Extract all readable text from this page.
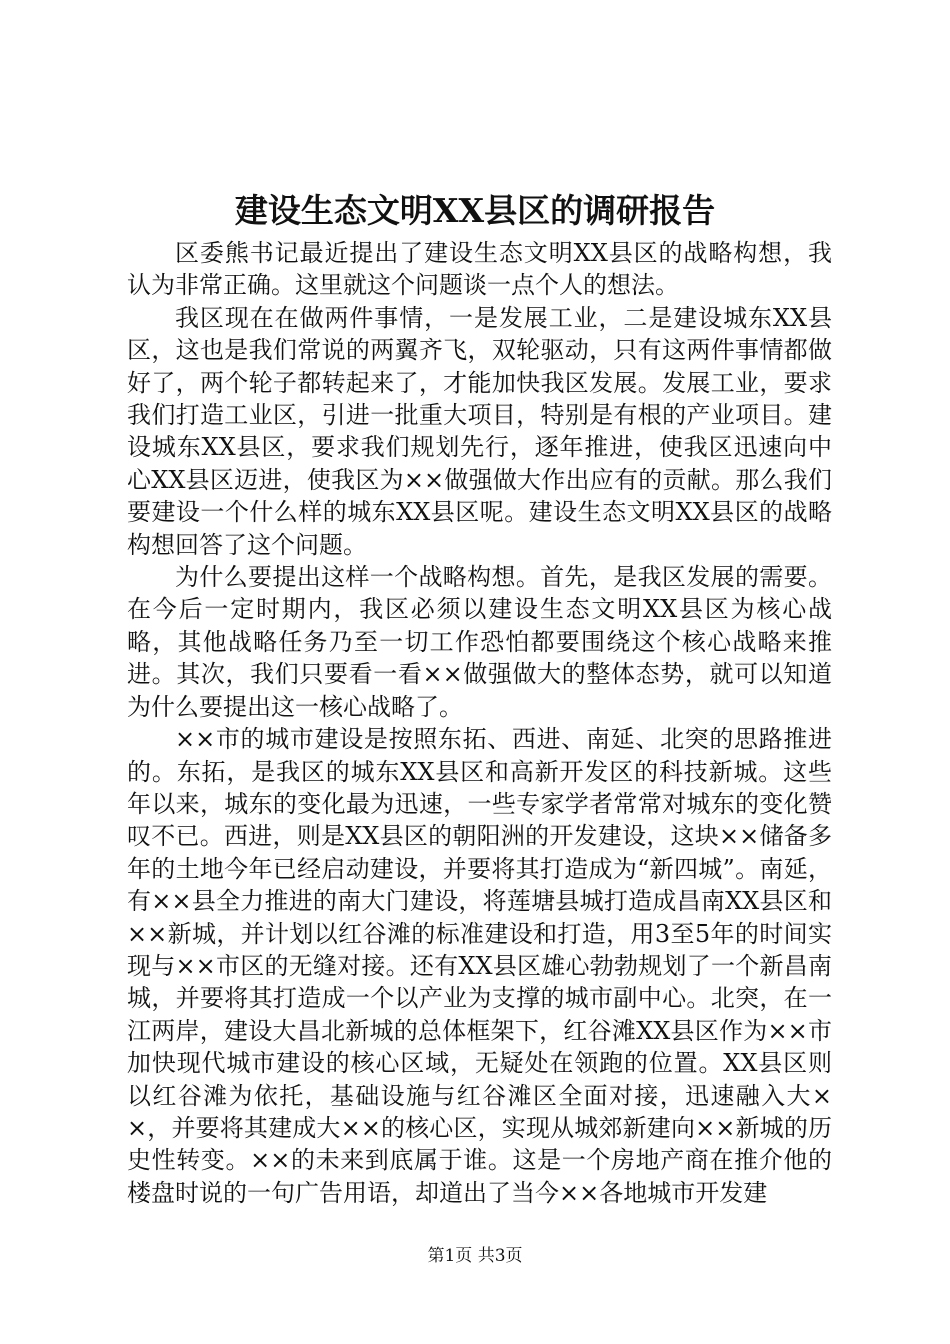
建设生态文明XX县区的调研报告

区委熊书记最近提出了建设生态文明XX县区的战略构想，我认为非常正确。这里就这个问题谈一点个人的想法。

我区现在在做两件事情，一是发展工业，二是建设城东XX县区，这也是我们常说的两翼齐飞，双轮驱动，只有这两件事情都做好了，两个轮子都转起来了，才能加快我区发展。发展工业，要求我们打造工业区，引进一批重大项目，特别是有根的产业项目。建设城东XX县区，要求我们规划先行，逐年推进，使我区迅速向中心XX县区迈进，使我区为××做强做大作出应有的贡献。那么我们要建设一个什么样的城东XX县区呢。建设生态文明XX县区的战略构想回答了这个问题。

为什么要提出这样一个战略构想。首先，是我区发展的需要。在今后一定时期内，我区必须以建设生态文明XX县区为核心战略，其他战略任务乃至一切工作恐怕都要围绕这个核心战略来推进。其次，我们只要看一看××做强做大的整体态势，就可以知道为什么要提出这一核心战略了。

××市的城市建设是按照东拓、西进、南延、北突的思路推进的。东拓，是我区的城东XX县区和高新开发区的科技新城。这些年以来，城东的变化最为迅速，一些专家学者常常对城东的变化赞叹不已。西进，则是XX县区的朝阳洲的开发建设，这块××储备多年的土地今年已经启动建设，并要将其打造成为“新四城”。南延，有××县全力推进的南大门建设，将莲塘县城打造成昌南XX县区和××新城，并计划以红谷滩的标准建设和打造，用3至5年的时间实现与××市区的无缝对接。还有XX县区雄心勃勃规划了一个新昌南城，并要将其打造成一个以产业为支撑的城市副中心。北突，在一江两岸，建设大昌北新城的总体框架下，红谷滩XX县区作为××市加快现代城市建设的核心区域，无疑处在领跑的位置。XX县区则以红谷滩为依托，基础设施与红谷滩区全面对接，迅速融入大××，并要将其建成大××的核心区，实现从城郊新建向××新城的历史性转变。××的未来到底属于谁。这是一个房地产商在推介他的楼盘时说的一句广告用语，却道出了当今××各地城市开发建

第1页 共3页
